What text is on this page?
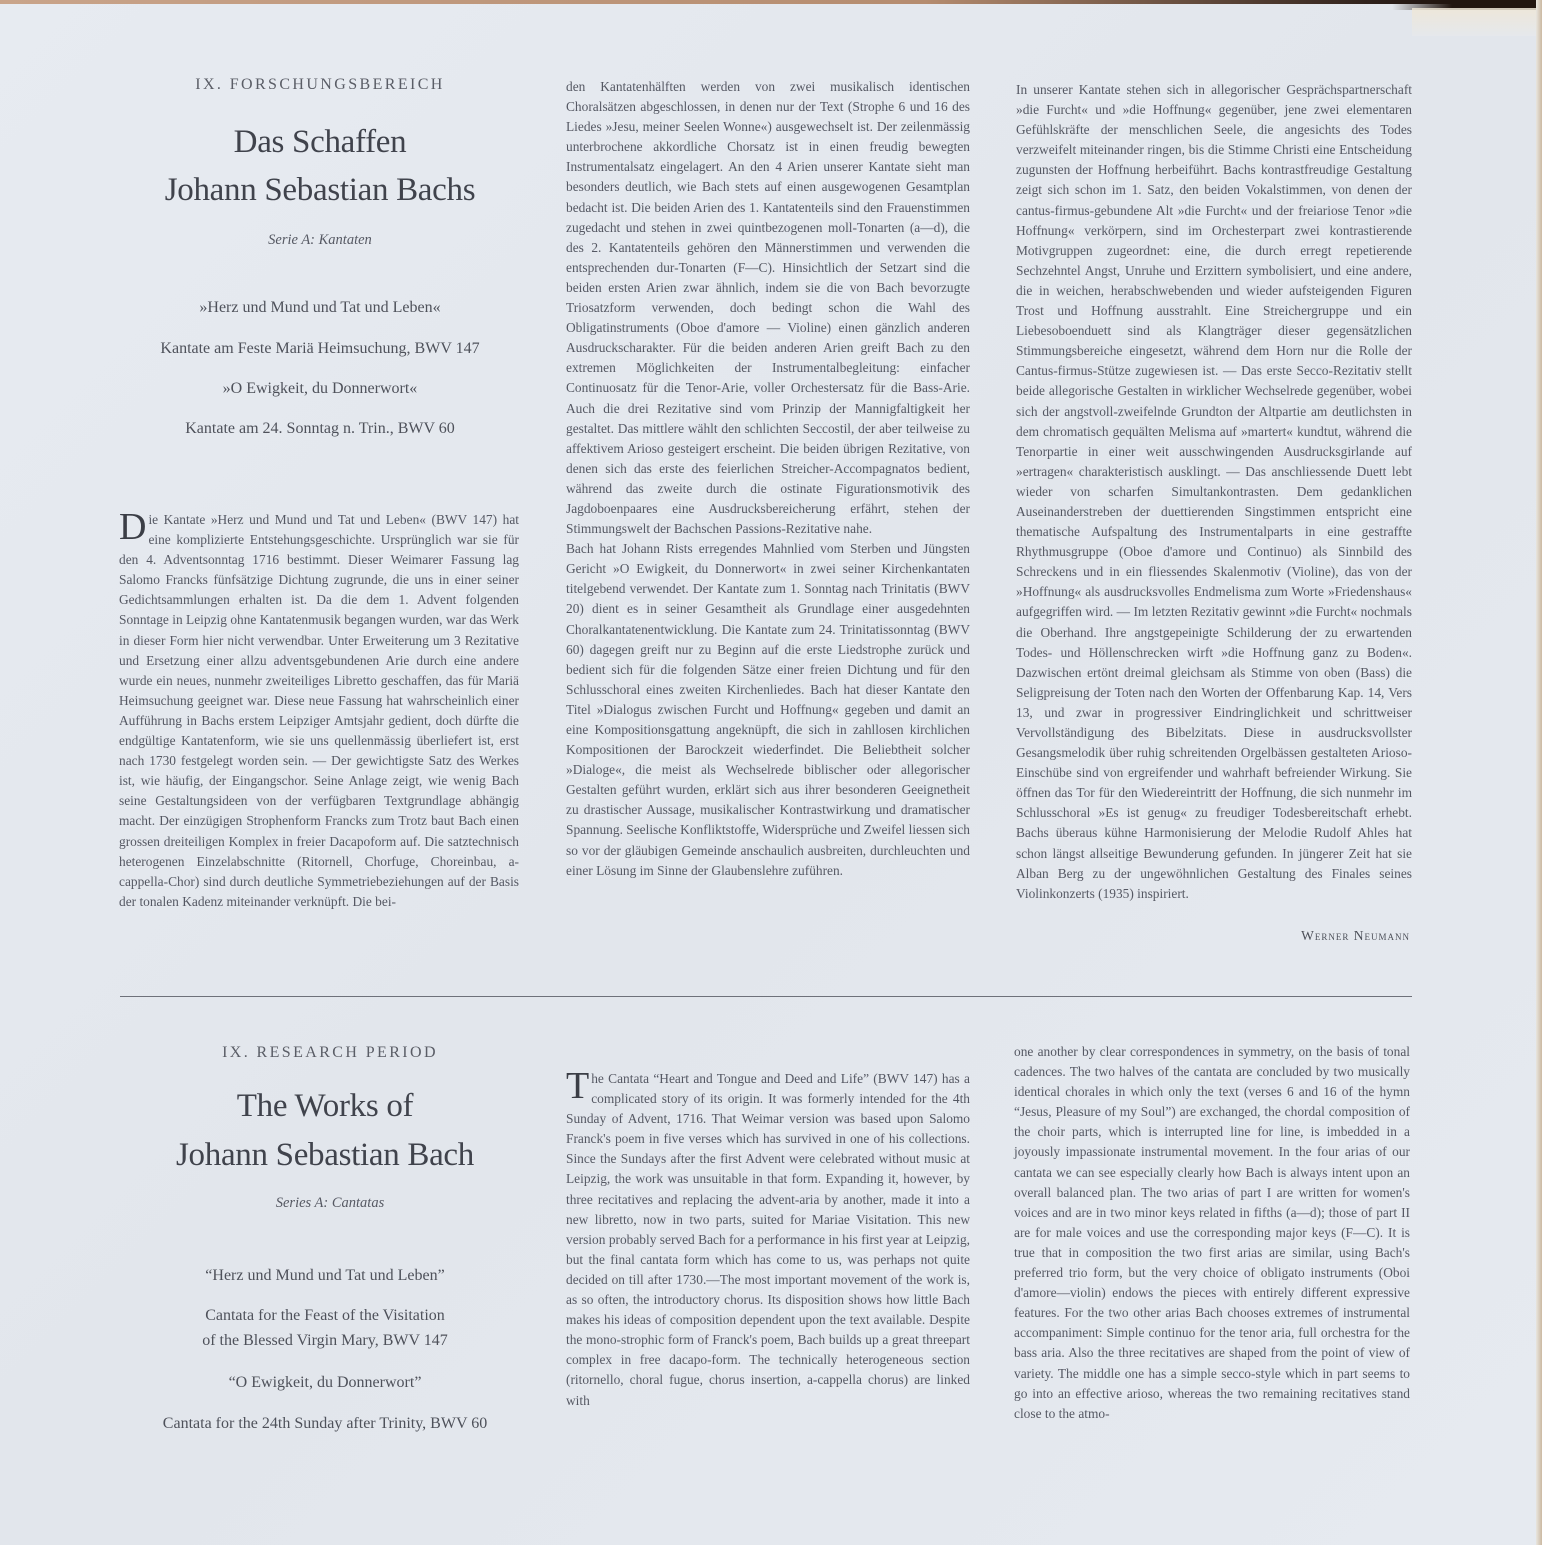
IX. FORSCHUNGSBEREICH
Das Schaffen
Johann Sebastian Bachs
Serie A: Kantaten
»Herz und Mund und Tat und Leben«
Kantate am Feste Mariä Heimsuchung, BWV 147
»O Ewigkeit, du Donnerwort«
Kantate am 24. Sonntag n. Trin., BWV 60
D ie Kantate »Herz und Mund und Tat und Leben« (BWV 147) hat eine komplizierte Entstehungsgeschichte. Ursprünglich war sie für den 4. Adventsonntag 1716 bestimmt. Dieser Weimarer Fassung lag Salomo Francks fünfsätzige Dichtung zugrunde, die uns in einer seiner Gedichtsammlungen erhalten ist. Da die dem 1. Advent folgenden Sonntage in Leipzig ohne Kantatenmusik begangen wurden, war das Werk in dieser Form hier nicht verwendbar. Unter Erweiterung um 3 Rezitative und Ersetzung einer allzu adventsgebundenen Arie durch eine andere wurde ein neues, nunmehr zweiteiliges Libretto geschaffen, das für Mariä Heimsuchung geeignet war. Diese neue Fassung hat wahrscheinlich einer Aufführung in Bachs erstem Leipziger Amtsjahr gedient, doch dürfte die endgültige Kantatenform, wie sie uns quellenmässig überliefert ist, erst nach 1730 festgelegt worden sein. — Der gewichtigste Satz des Werkes ist, wie häufig, der Eingangschor. Seine Anlage zeigt, wie wenig Bach seine Gestaltungsideen von der verfügbaren Textgrundlage abhängig macht. Der einzügigen Strophenform Francks zum Trotz baut Bach einen grossen dreiteiligen Komplex in freier Dacapoform auf. Die satztechnisch heterogenen Einzelabschnitte (Ritornell, Chorfuge, Choreinbau, a-cappella-Chor) sind durch deutliche Symmetriebeziehungen auf der Basis der tonalen Kadenz miteinander verknüpft. Die bei-

den Kantatenhälften werden von zwei musikalisch identischen Choralsätzen abgeschlossen, in denen nur der Text (Strophe 6 und 16 des Liedes »Jesu, meiner Seelen Wonne«) ausgewechselt ist. Der zeilenmässig unterbrochene akkordliche Chorsatz ist in einen freudig bewegten Instrumentalsatz eingelagert. An den 4 Arien unserer Kantate sieht man besonders deutlich, wie Bach stets auf einen ausgewogenen Gesamtplan bedacht ist. Die beiden Arien des 1. Kantatenteils sind den Frauenstimmen zugedacht und stehen in zwei quintbezogenen moll-Tonarten (a—d), die des 2. Kantatenteils gehören den Männerstimmen und verwenden die entsprechenden dur-Tonarten (F—C). Hinsichtlich der Setzart sind die beiden ersten Arien zwar ähnlich, indem sie die von Bach bevorzugte Triosatzform verwenden, doch bedingt schon die Wahl des Obligatinstruments (Oboe d'amore — Violine) einen gänzlich anderen Ausdruckscharakter. Für die beiden anderen Arien greift Bach zu den extremen Möglichkeiten der Instrumentalbegleitung: einfacher Continuosatz für die Tenor-Arie, voller Orchestersatz für die Bass-Arie. Auch die drei Rezitative sind vom Prinzip der Mannigfaltigkeit her gestaltet. Das mittlere wählt den schlichten Seccostil, der aber teilweise zu affektivem Arioso gesteigert erscheint. Die beiden übrigen Rezitative, von denen sich das erste des feierlichen Streicher-Accompagnatos bedient, während das zweite durch die ostinate Figurationsmotivik des Jagdoboenpaares eine Ausdrucksbereicherung erfährt, stehen der Stimmungswelt der Bachschen Passions-Rezitative nahe.

Bach hat Johann Rists erregendes Mahnlied vom Sterben und Jüngsten Gericht »O Ewigkeit, du Donnerwort« in zwei seiner Kirchenkantaten titelgebend verwendet. Der Kantate zum 1. Sonntag nach Trinitatis (BWV 20) dient es in seiner Gesamtheit als Grundlage einer ausgedehnten Choralkantatenentwicklung. Die Kantate zum 24. Trinitatissonntag (BWV 60) dagegen greift nur zu Beginn auf die erste Liedstrophe zurück und bedient sich für die folgenden Sätze einer freien Dichtung und für den Schlusschoral eines zweiten Kirchenliedes. Bach hat dieser Kantate den Titel »Dialogus zwischen Furcht und Hoffnung« gegeben und damit an eine Kompositionsgattung angeknüpft, die sich in zahllosen kirchlichen Kompositionen der Barockzeit wiederfindet. Die Beliebtheit solcher »Dialoge«, die meist als Wechselrede biblischer oder allegorischer Gestalten geführt wurden, erklärt sich aus ihrer besonderen Geeignetheit zu drastischer Aussage, musikalischer Kontrastwirkung und dramatischer Spannung. Seelische Konfliktstoffe, Widersprüche und Zweifel liessen sich so vor der gläubigen Gemeinde anschaulich ausbreiten, durchleuchten und einer Lösung im Sinne der Glaubenslehre zuführen.

In unserer Kantate stehen sich in allegorischer Gesprächspartnerschaft »die Furcht« und »die Hoffnung« gegenüber, jene zwei elementaren Gefühlskräfte der menschlichen Seele, die angesichts des Todes verzweifelt miteinander ringen, bis die Stimme Christi eine Entscheidung zugunsten der Hoffnung herbeiführt. Bachs kontrastfreudige Gestaltung zeigt sich schon im 1. Satz, den beiden Vokalstimmen, von denen der cantus-firmus-gebundene Alt »die Furcht« und der freiariose Tenor »die Hoffnung« verkörpern, sind im Orchesterpart zwei kontrastierende Motivgruppen zugeordnet: eine, die durch erregt repetierende Sechzehntel Angst, Unruhe und Erzittern symbolisiert, und eine andere, die in weichen, herabschwebenden und wieder aufsteigenden Figuren Trost und Hoffnung ausstrahlt. Eine Streichergruppe und ein Liebesoboenduett sind als Klangträger dieser gegensätzlichen Stimmungsbereiche eingesetzt, während dem Horn nur die Rolle der Cantus-firmus-Stütze zugewiesen ist. — Das erste Secco-Rezitativ stellt beide allegorische Gestalten in wirklicher Wechselrede gegenüber, wobei sich der angstvoll-zweifelnde Grundton der Altpartie am deutlichsten in dem chromatisch gequälten Melisma auf »martert« kundtut, während die Tenorpartie in einer weit ausschwingenden Ausdrucksgirlande auf »ertragen« charakteristisch ausklingt. — Das anschliessende Duett lebt wieder von scharfen Simultankontrasten. Dem gedanklichen Auseinanderstreben der duettierenden Singstimmen entspricht eine thematische Aufspaltung des Instrumentalparts in eine gestraffte Rhythmusgruppe (Oboe d'amore und Continuo) als Sinnbild des Schreckens und in ein fliessendes Skalenmotiv (Violine), das von der »Hoffnung« als ausdrucksvolles Endmelisma zum Worte »Friedenshaus« aufgegriffen wird. — Im letzten Rezitativ gewinnt »die Furcht« nochmals die Oberhand. Ihre angstgepeinigte Schilderung der zu erwartenden Todes- und Höllenschrecken wirft »die Hoffnung ganz zu Boden«. Dazwischen ertönt dreimal gleichsam als Stimme von oben (Bass) die Seligpreisung der Toten nach den Worten der Offenbarung Kap. 14, Vers 13, und zwar in progressiver Eindringlichkeit und schrittweiser Vervollständigung des Bibelzitats. Diese in ausdrucksvollster Gesangsmelodik über ruhig schreitenden Orgelbässen gestalteten Arioso-Einschübe sind von ergreifender und wahrhaft befreiender Wirkung. Sie öffnen das Tor für den Wiedereintritt der Hoffnung, die sich nunmehr im Schlusschoral »Es ist genug« zu freudiger Todesbereitschaft erhebt. Bachs überaus kühne Harmonisierung der Melodie Rudolf Ahles hat schon längst allseitige Bewunderung gefunden. In jüngerer Zeit hat sie Alban Berg zu der ungewöhnlichen Gestaltung des Finales seines Violinkonzerts (1935) inspiriert.

Werner Neumann
IX. RESEARCH PERIOD
The Works of
Johann Sebastian Bach
Series A: Cantatas
“Herz und Mund und Tat und Leben”
Cantata for the Feast of the Visitation
of the Blessed Virgin Mary, BWV 147
“O Ewigkeit, du Donnerwort”
Cantata for the 24th Sunday after Trinity, BWV 60
T he Cantata “Heart and Tongue and Deed and Life” (BWV 147) has a complicated story of its origin. It was formerly intended for the 4th Sunday of Advent, 1716. That Weimar version was based upon Salomo Franck's poem in five verses which has survived in one of his collections. Since the Sundays after the first Advent were celebrated without music at Leipzig, the work was unsuitable in that form. Expanding it, however, by three recitatives and replacing the advent-aria by another, made it into a new libretto, now in two parts, suited for Mariae Visitation. This new version probably served Bach for a performance in his first year at Leipzig, but the final cantata form which has come to us, was perhaps not quite decided on till after 1730.—The most important movement of the work is, as so often, the introductory chorus. Its disposition shows how little Bach makes his ideas of composition dependent upon the text available. Despite the mono-strophic form of Franck's poem, Bach builds up a great threepart complex in free dacapo-form. The technically heterogeneous section (ritornello, choral fugue, chorus insertion, a-cappella chorus) are linked with

one another by clear correspondences in symmetry, on the basis of tonal cadences. The two halves of the cantata are concluded by two musically identical chorales in which only the text (verses 6 and 16 of the hymn “Jesus, Pleasure of my Soul”) are exchanged, the chordal composition of the choir parts, which is interrupted line for line, is imbedded in a joyously impassionate instrumental movement. In the four arias of our cantata we can see especially clearly how Bach is always intent upon an overall balanced plan. The two arias of part I are written for women's voices and are in two minor keys related in fifths (a—d); those of part II are for male voices and use the corresponding major keys (F—C). It is true that in composition the two first arias are similar, using Bach's preferred trio form, but the very choice of obligato instruments (Oboi d'amore—violin) endows the pieces with entirely different expressive features. For the two other arias Bach chooses extremes of instrumental accompaniment: Simple continuo for the tenor aria, full orchestra for the bass aria. Also the three recitatives are shaped from the point of view of variety. The middle one has a simple secco-style which in part seems to go into an effective arioso, whereas the two remaining recitatives stand close to the atmo-
